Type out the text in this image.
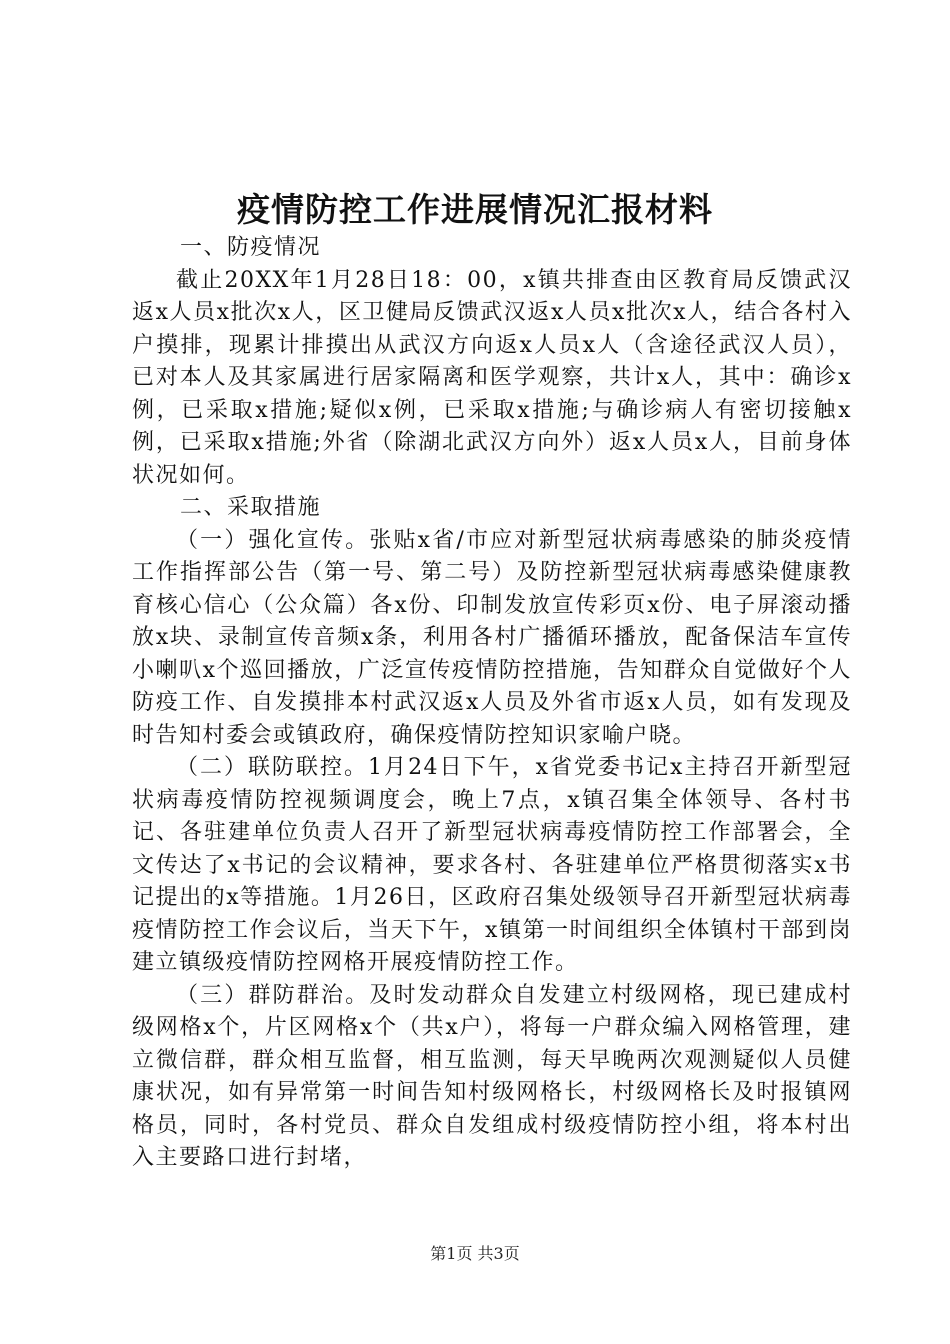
疫情防控工作进展情况汇报材料

一、防疫情况

截止20XX年1月28日18：00，x镇共排查由区教育局反馈武汉返x人员x批次x人，区卫健局反馈武汉返x人员x批次x人，结合各村入户摸排，现累计排摸出从武汉方向返x人员x人（含途径武汉人员），已对本人及其家属进行居家隔离和医学观察，共计x人，其中：确诊x例，已采取x措施;疑似x例，已采取x措施;与确诊病人有密切接触x例，已采取x措施;外省（除湖北武汉方向外）返x人员x人，目前身体状况如何。

二、采取措施

（一）强化宣传。张贴x省/市应对新型冠状病毒感染的肺炎疫情工作指挥部公告（第一号、第二号）及防控新型冠状病毒感染健康教育核心信心（公众篇）各x份、印制发放宣传彩页x份、电子屏滚动播放x块、录制宣传音频x条，利用各村广播循环播放，配备保洁车宣传小喇叭x个巡回播放，广泛宣传疫情防控措施，告知群众自觉做好个人防疫工作、自发摸排本村武汉返x人员及外省市返x人员，如有发现及时告知村委会或镇政府，确保疫情防控知识家喻户晓。

（二）联防联控。1月24日下午，x省党委书记x主持召开新型冠状病毒疫情防控视频调度会，晚上7点，x镇召集全体领导、各村书记、各驻建单位负责人召开了新型冠状病毒疫情防控工作部署会，全文传达了x书记的会议精神，要求各村、各驻建单位严格贯彻落实x书记提出的x等措施。1月26日，区政府召集处级领导召开新型冠状病毒疫情防控工作会议后，当天下午，x镇第一时间组织全体镇村干部到岗建立镇级疫情防控网格开展疫情防控工作。

（三）群防群治。及时发动群众自发建立村级网格，现已建成村级网格x个，片区网格x个（共x户），将每一户群众编入网格管理，建立微信群，群众相互监督，相互监测，每天早晚两次观测疑似人员健康状况，如有异常第一时间告知村级网格长，村级网格长及时报镇网格员，同时，各村党员、群众自发组成村级疫情防控小组，将本村出入主要路口进行封堵，

第1页 共3页
